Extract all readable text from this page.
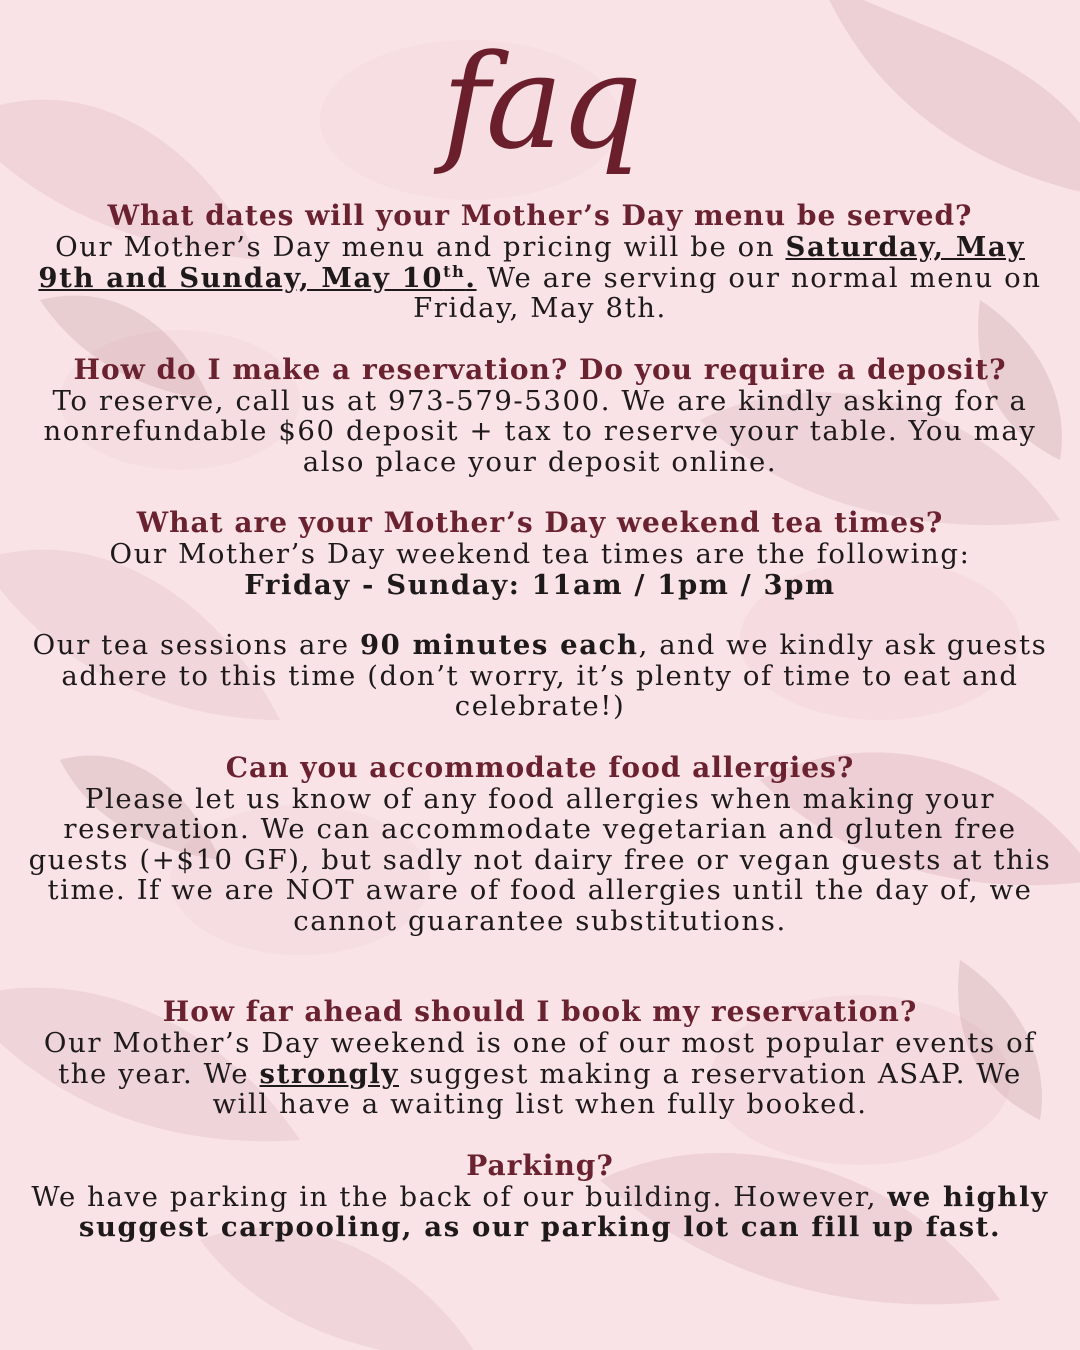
faq
What dates will your Mother’s Day menu be served?
Our Mother’s Day menu and pricing will be on Saturday, May 9th and Sunday, May 10th. We are serving our normal menu on Friday, May 8th.
How do I make a reservation? Do you require a deposit?
To reserve, call us at 973-579-5300. We are kindly asking for a nonrefundable $60 deposit + tax to reserve your table. You may also place your deposit online.
What are your Mother’s Day weekend tea times?
Our Mother’s Day weekend tea times are the following:
Friday - Sunday: 11am / 1pm / 3pm
Our tea sessions are 90 minutes each, and we kindly ask guests adhere to this time (don’t worry, it’s plenty of time to eat and celebrate!)
Can you accommodate food allergies?
Please let us know of any food allergies when making your reservation. We can accommodate vegetarian and gluten free guests (+$10 GF), but sadly not dairy free or vegan guests at this time. If we are NOT aware of food allergies until the day of, we cannot guarantee substitutions.
How far ahead should I book my reservation?
Our Mother’s Day weekend is one of our most popular events of the year. We strongly suggest making a reservation ASAP. We will have a waiting list when fully booked.
Parking?
We have parking in the back of our building. However, we highly suggest carpooling, as our parking lot can fill up fast.
